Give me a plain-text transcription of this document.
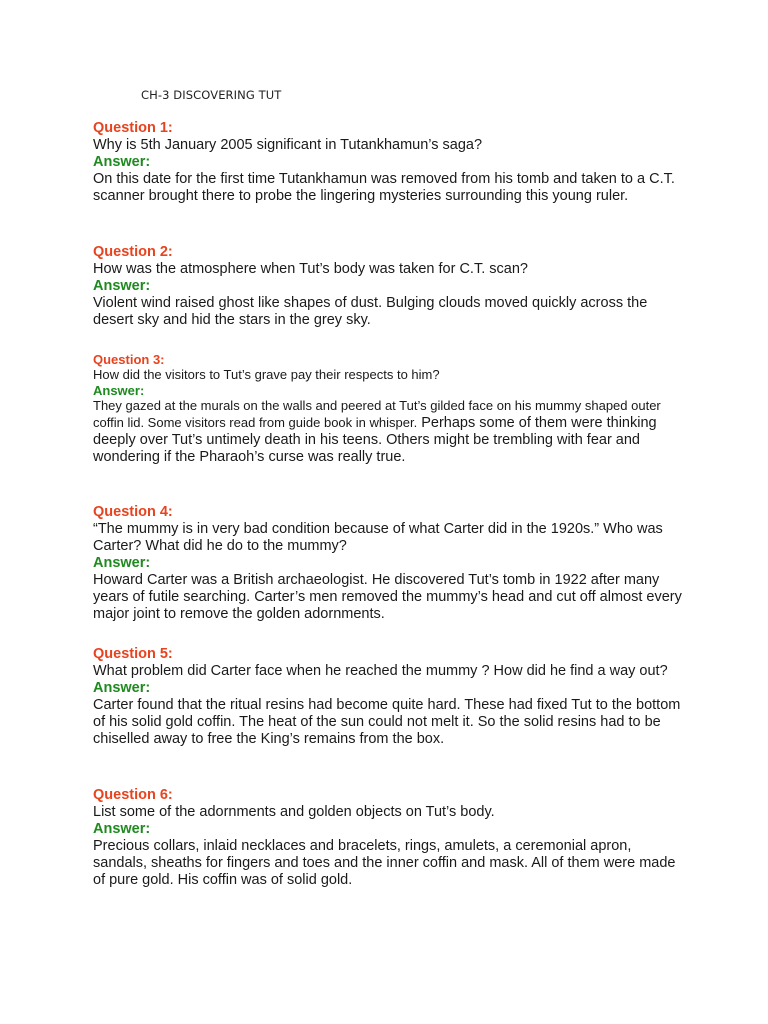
CH-3 DISCOVERING TUT
Question 1:
Why is 5th January 2005 significant in Tutankhamun’s saga?
Answer:
On this date for the first time Tutankhamun was removed from his tomb and taken to a C.T. scanner brought there to probe the lingering mysteries surrounding this young ruler.
Question 2:
How was the atmosphere when Tut’s body was taken for C.T. scan?
Answer:
Violent wind raised ghost like shapes of dust. Bulging clouds moved quickly across the desert sky and hid the stars in the grey sky.
Question 3:
How did the visitors to Tut’s grave pay their respects to him?
Answer:
They gazed at the murals on the walls and peered at Tut’s gilded face on his mummy shaped outer coffin lid. Some visitors read from guide book in whisper. Perhaps some of them were thinking deeply over Tut’s untimely death in his teens. Others might be trembling with fear and wondering if the Pharaoh’s curse was really true.
Question 4:
“The mummy is in very bad condition because of what Carter did in the 1920s.” Who was Carter? What did he do to the mummy?
Answer:
Howard Carter was a British archaeologist. He discovered Tut’s tomb in 1922 after many years of futile searching. Carter’s men removed the mummy’s head and cut off almost every major joint to remove the golden adornments.
Question 5:
What problem did Carter face when he reached the mummy ? How did he find a way out?
Answer:
Carter found that the ritual resins had become quite hard. These had fixed Tut to the bottom of his solid gold coffin. The heat of the sun could not melt it. So the solid resins had to be chiselled away to free the King’s remains from the box.
Question 6:
List some of the adornments and golden objects on Tut’s body.
Answer:
Precious collars, inlaid necklaces and bracelets, rings, amulets, a ceremonial apron, sandals, sheaths for fingers and toes and the inner coffin and mask. All of them were made of pure gold. His coffin was of solid gold.
